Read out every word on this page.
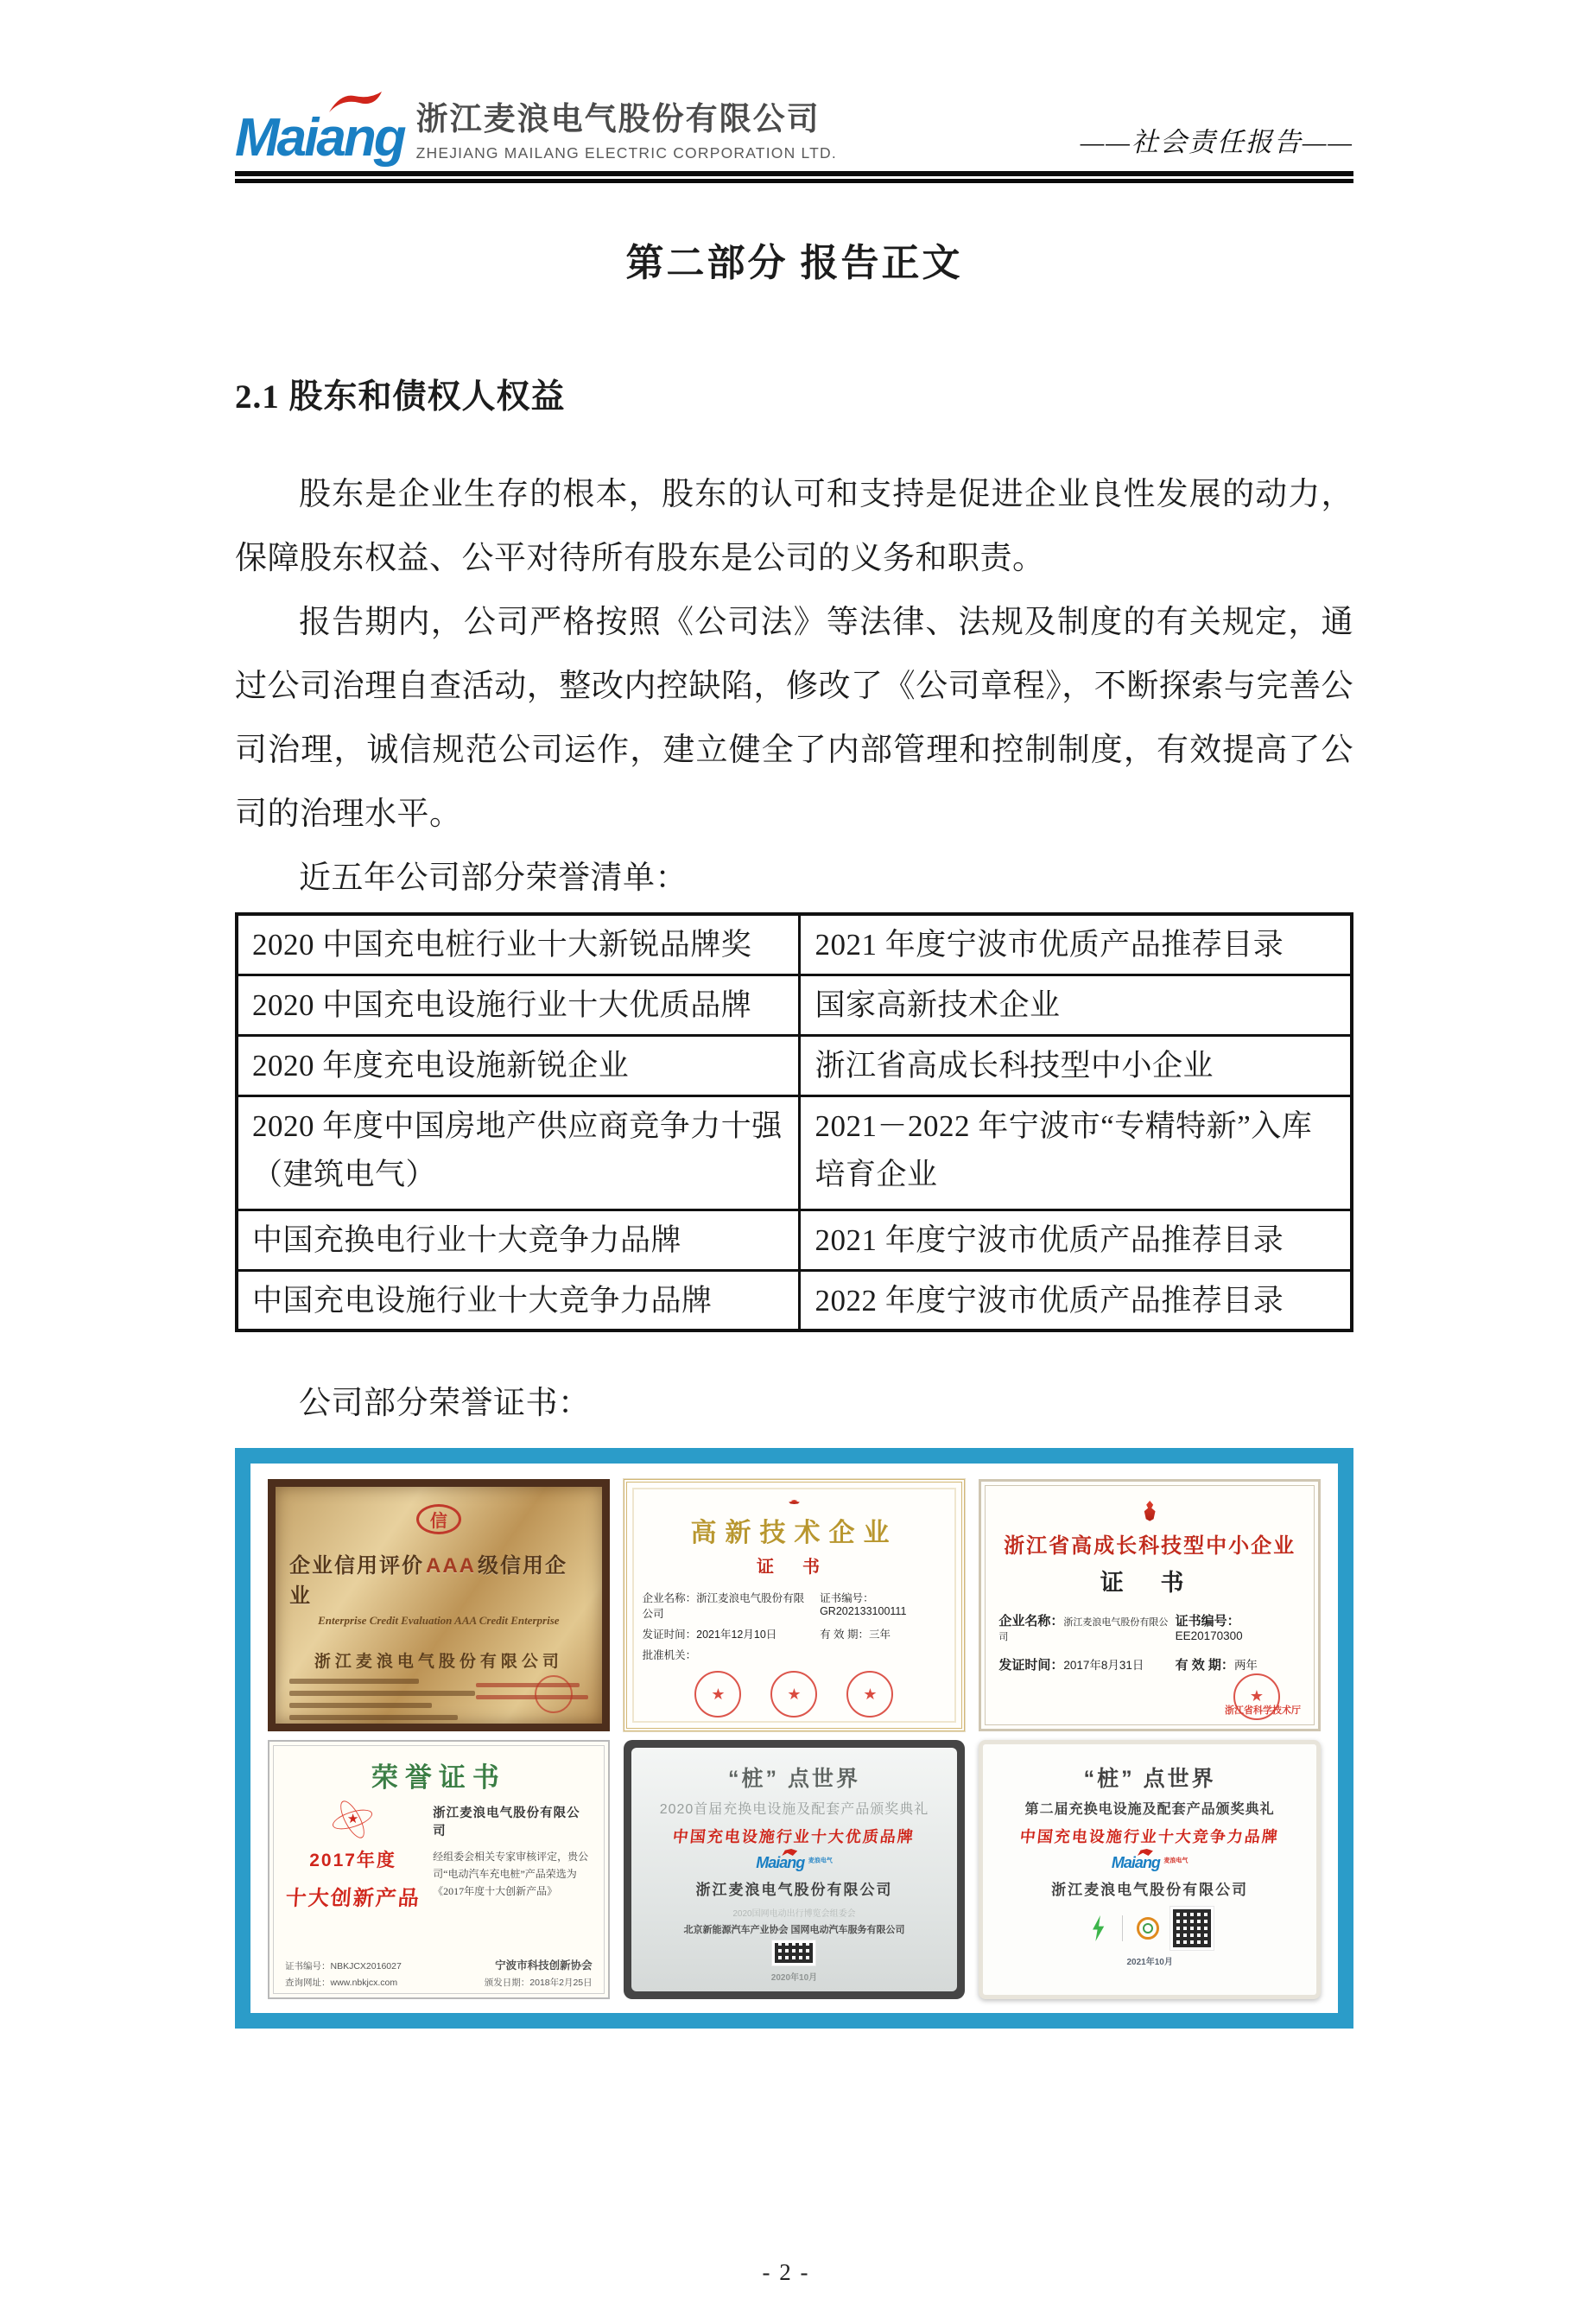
Maiang 浙江麦浪电气股份有限公司
ZHEJIANG MAILANG ELECTRIC CORPORATION LTD.	——社会责任报告——
第二部分 报告正文
2.1 股东和债权人权益

股东是企业生存的根本，股东的认可和支持是促进企业良性发展的动力，保障股东权益、公平对待所有股东是公司的义务和职责。

报告期内，公司严格按照《公司法》等法律、法规及制度的有关规定，通过公司治理自查活动，整改内控缺陷，修改了《公司章程》，不断探索与完善公司治理，诚信规范公司运作，建立健全了内部管理和控制制度，有效提高了公司的治理水平。

近五年公司部分荣誉清单：

2020 中国充电桩行业十大新锐品牌奖	2021 年度宁波市优质产品推荐目录
2020 中国充电设施行业十大优质品牌	国家高新技术企业
2020 年度充电设施新锐企业	浙江省高成长科技型中小企业
2020 年度中国房地产供应商竞争力十强（建筑电气）	2021－2022 年宁波市“专精特新”入库培育企业
中国充换电行业十大竞争力品牌	2021 年度宁波市优质产品推荐目录
中国充电设施行业十大竞争力品牌	2022 年度宁波市优质产品推荐目录

公司部分荣誉证书：

信
企业信用评价AAA级信用企业
Enterprise Credit Evaluation AAA Credit Enterprise
浙江麦浪电气股份有限公司
高新技术企业
证 书
企业名称：浙江麦浪电气股份有限公司
证书编号：GR202133100111
发证时间：2021年12月10日	有 效 期：三年
批准机关：
★	★	★
浙江省高成长科技型中小企业
证 书
企业名称：浙江麦浪电气股份有限公司
证书编号：EE20170300
发证时间：2017年8月31日	有 效 期：两年
★
浙江省科学技术厅
荣誉证书
★
2017年度
十大创新产品
浙江麦浪电气股份有限公司
经组委会相关专家审核评定，贵公司“电动汽车充电桩”产品荣选为《2017年度十大创新产品》
证书编号：NBKJCX2016027
查询网址：www.nbkjcx.com
宁波市科技创新协会
颁发日期：2018年2月25日
“桩” 点世界
2020首届充换电设施及配套产品颁奖典礼
中国充电设施行业十大优质品牌
Maiang $^{麦浪电气}$
浙江麦浪电气股份有限公司
2020国网电动出行博览会组委会
北京新能源汽车产业协会 国网电动汽车服务有限公司
2020年10月
“桩” 点世界
第二届充换电设施及配套产品颁奖典礼
中国充电设施行业十大竞争力品牌
Maiang $^{麦浪电气}$
浙江麦浪电气股份有限公司
2021年10月
- 2 -
